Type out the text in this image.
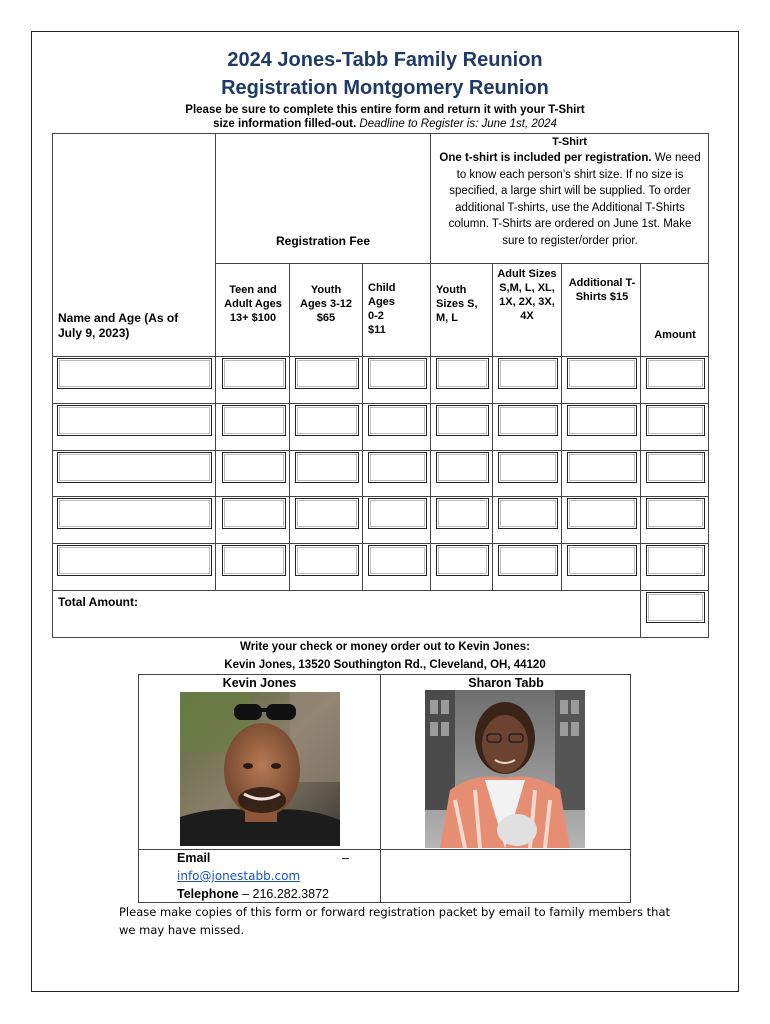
2024 Jones-Tabb Family Reunion
Registration Montgomery Reunion
Please be sure to complete this entire form and return it with your T-Shirt
size information filled-out. Deadline to Register is: June 1st, 2024
T-Shirt
One t-shirt is included per registration. We need to know each person’s shirt size. If no size is specified, a large shirt will be supplied. To order additional T-shirts, use the Additional T-Shirts column. T-Shirts are ordered on June 1st. Make sure to register/order prior.
Registration Fee
Name and Age (As of July 9, 2023)
Teen and Adult Ages 13+ $100
Youth Ages 3-12 $65
Child Ages 0-2 $11
Youth Sizes S, M, L
Adult Sizes S,M, L, XL, 1X, 2X, 3X, 4X
Additional T-Shirts $15
Amount
Total Amount:
Write your check or money order out to Kevin Jones:
Kevin Jones, 13520 Southington Rd., Cleveland, OH, 44120
Kevin Jones	Sharon Tabb
Email	–
info@jonestabb.com
Telephone – 216.282.3872
Please make copies of this form or forward registration packet by email to family members that we may have missed.
